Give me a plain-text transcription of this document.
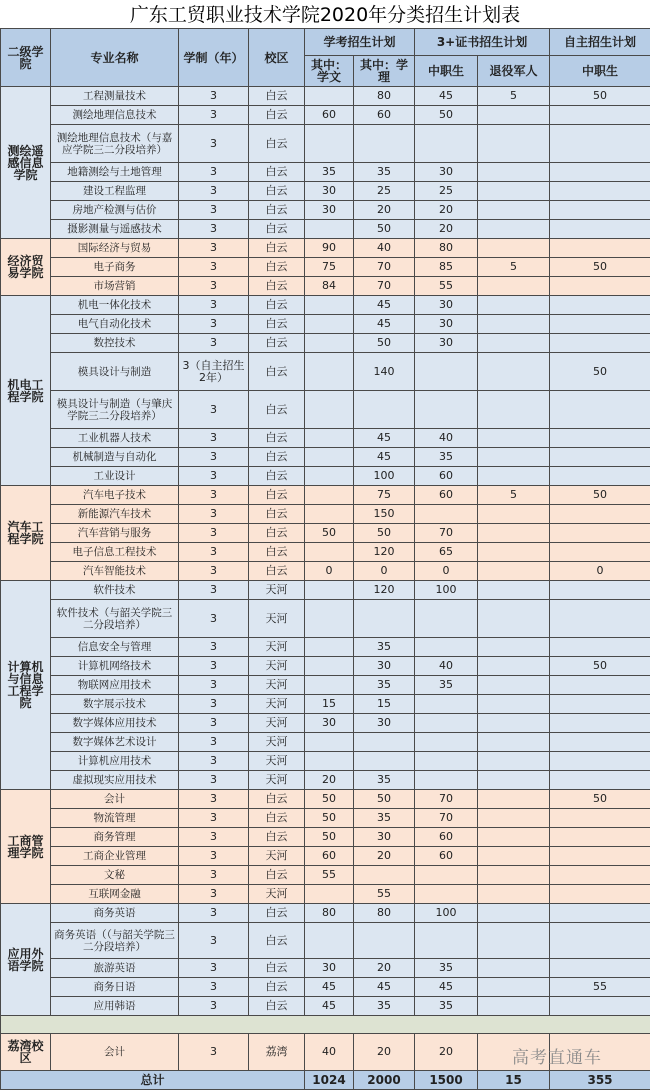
广东工贸职业技术学院2020年分类招生计划表
二级学院	专业名称	学制（年）	校区	学考招生计划		3+证书招生计划		自主招生计划
				其中：学文	其中：学理	中职生	退役军人	中职生
测绘遥感信息学院	工程测量技术	3	白云		80	45	5	50
	测绘地理信息技术	3	白云	60	60	50		
	测绘地理信息技术（与嘉应学院三二分段培养）	3	白云					
	地籍测绘与土地管理	3	白云	35	35	30		
	建设工程监理	3	白云	30	25	25		
	房地产检测与估价	3	白云	30	20	20		
	摄影测量与遥感技术	3	白云		50	20		
经济贸易学院	国际经济与贸易	3	白云	90	40	80		
	电子商务	3	白云	75	70	85	5	50
	市场营销	3	白云	84	70	55		
机电工程学院	机电一体化技术	3	白云		45	30		
	电气自动化技术	3	白云		45	30		
	数控技术	3	白云		50	30		
	模具设计与制造	3（自主招生2年）	白云		140			50
	模具设计与制造（与肇庆学院三二分段培养）	3	白云					
	工业机器人技术	3	白云		45	40		
	机械制造与自动化	3	白云		45	35		
	工业设计	3	白云		100	60		
汽车工程学院	汽车电子技术	3	白云		75	60	5	50
	新能源汽车技术	3	白云		150			
	汽车营销与服务	3	白云	50	50	70		
	电子信息工程技术	3	白云		120	65		
	汽车智能技术	3	白云	0	0	0		0
计算机与信息工程学院	软件技术	3	天河		120	100		
	软件技术（与韶关学院三二分段培养）	3	天河					
	信息安全与管理	3	天河		35			
	计算机网络技术	3	天河		30	40		50
	物联网应用技术	3	天河		35	35		
	数字展示技术	3	天河	15	15			
	数字媒体应用技术	3	天河	30	30			
	数字媒体艺术设计	3	天河					
	计算机应用技术	3	天河					
	虚拟现实应用技术	3	天河	20	35			
工商管理学院	会计	3	白云	50	50	70		50
	物流管理	3	白云	50	35	70		
	商务管理	3	白云	50	30	60		
	工商企业管理	3	天河	60	20	60		
	文秘	3	白云	55				
	互联网金融	3	天河		55			
应用外语学院	商务英语	3	白云	80	80	100		
	商务英语（（与韶关学院三二分段培养）	3	白云					
	旅游英语	3	白云	30	20	35		
	商务日语	3	白云	45	45	45		55
	应用韩语	3	白云	45	35	35		

荔湾校区	会计	3	荔湾	40	20	20		
总计				1024	2000	1500	15	355
高考直通车
